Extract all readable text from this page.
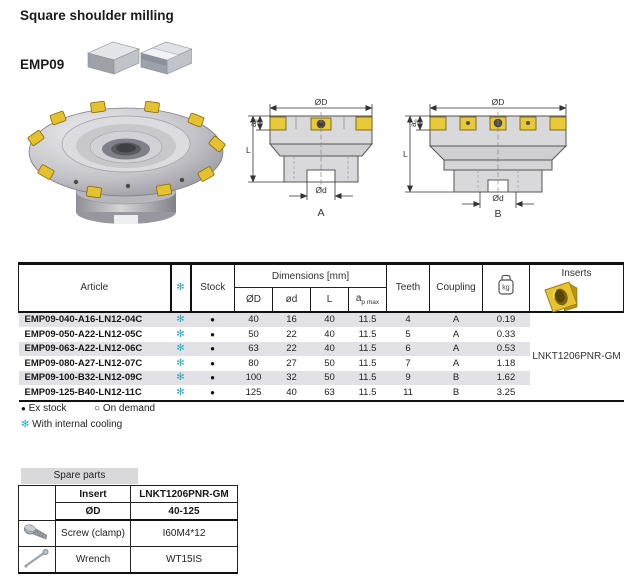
Square shoulder milling
EMP09
ØD
ap
L
Ød
A
ØD
ap
L
Ød
B
Article	✻	Stock	Dimensions [mm]				Teeth	Coupling	kg	Inserts

			ØD	ød	L	$a_{p max}$
EMP09-040-A16-LN12-04C	✻	●	40	16	40	11.5	4	A	0.19	LNKT1206PNR-GM
EMP09-050-A22-LN12-05C	✻	●	50	22	40	11.5	5	A	0.33	
EMP09-063-A22-LN12-06C	✻	●	63	22	40	11.5	6	A	0.53	
EMP09-080-A27-LN12-07C	✻	●	80	27	50	11.5	7	A	1.18	
EMP09-100-B32-LN12-09C	✻	●	100	32	50	11.5	9	B	1.62	
EMP09-125-B40-LN12-11C	✻	●	125	40	63	11.5	11	B	3.25	
● Ex stock	○ On demand
✻ With internal cooling
Spare parts
	Insert	LNKT1206PNR-GM
	ØD	40-125
	Screw (clamp)	I60M4*12
	Wrench	WT15IS
